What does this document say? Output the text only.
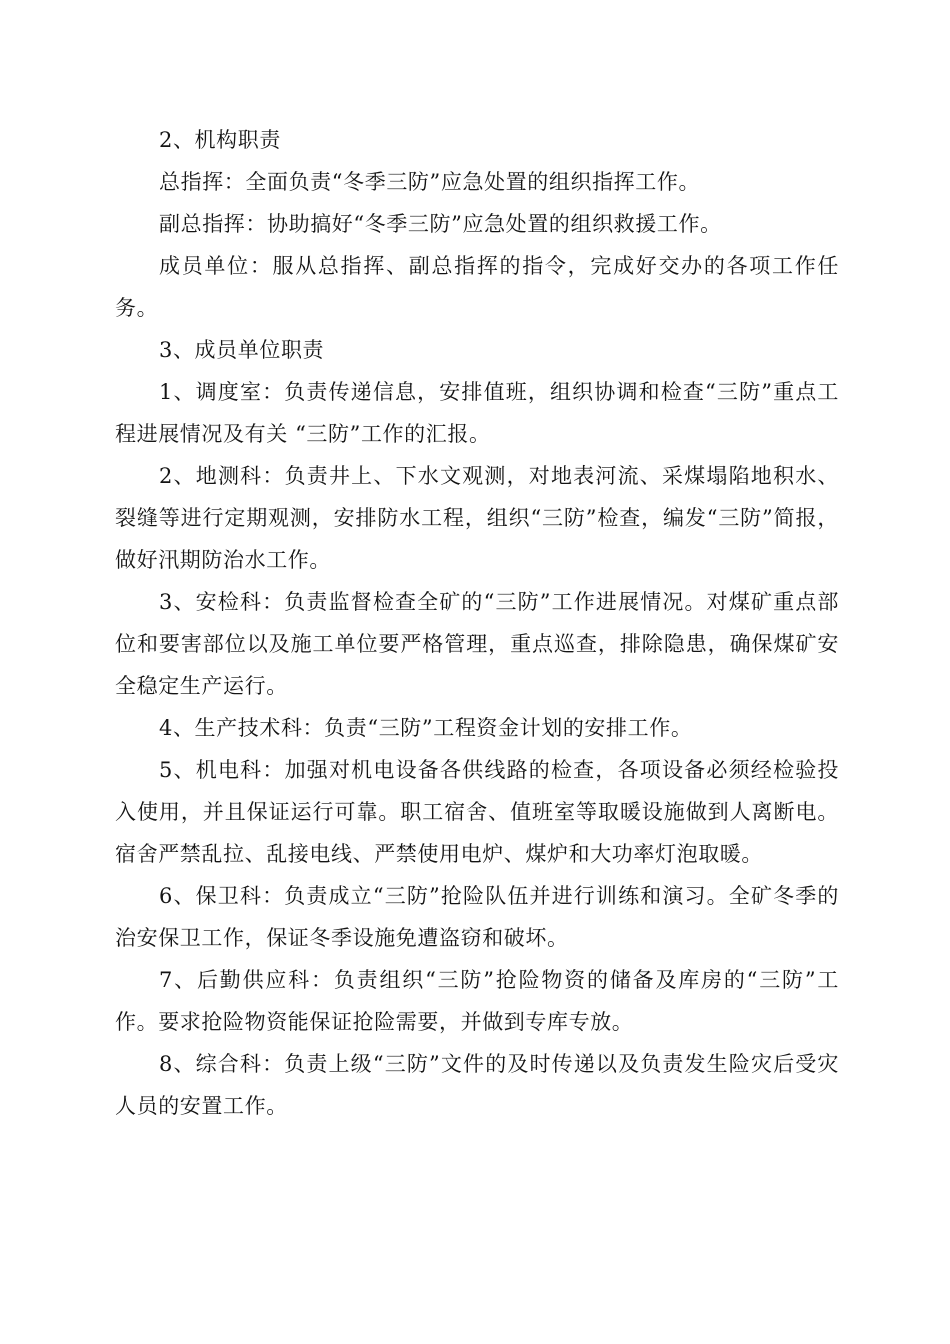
2、机构职责

总指挥：全面负责“冬季三防”应急处置的组织指挥工作。

副总指挥：协助搞好“冬季三防”应急处置的组织救援工作。

成员单位：服从总指挥、副总指挥的指令，完成好交办的各项工作任务。

3、成员单位职责

1、调度室：负责传递信息，安排值班，组织协调和检查“三防”重点工程进展情况及有关 “三防”工作的汇报。

2、地测科：负责井上、下水文观测，对地表河流、采煤塌陷地积水、裂缝等进行定期观测，安排防水工程，组织“三防”检查，编发“三防”简报，做好汛期防治水工作。

3、安检科：负责监督检查全矿的“三防”工作进展情况。对煤矿重点部位和要害部位以及施工单位要严格管理，重点巡查，排除隐患，确保煤矿安全稳定生产运行。

4、生产技术科：负责“三防”工程资金计划的安排工作。

5、机电科：加强对机电设备各供线路的检查，各项设备必须经检验投入使用，并且保证运行可靠。职工宿舍、值班室等取暖设施做到人离断电。宿舍严禁乱拉、乱接电线、严禁使用电炉、煤炉和大功率灯泡取暖。

6、保卫科：负责成立“三防”抢险队伍并进行训练和演习。全矿冬季的治安保卫工作，保证冬季设施免遭盗窃和破坏。

7、后勤供应科：负责组织“三防”抢险物资的储备及库房的“三防”工作。要求抢险物资能保证抢险需要，并做到专库专放。

8、综合科：负责上级“三防”文件的及时传递以及负责发生险灾后受灾人员的安置工作。
